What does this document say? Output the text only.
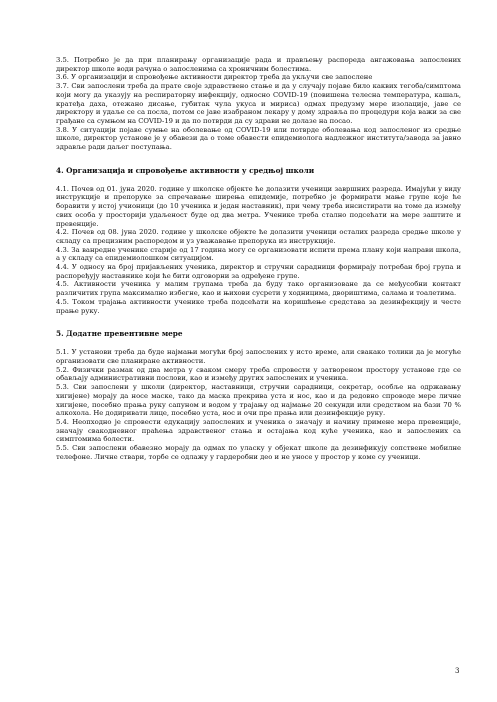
3.5. Потребно је да при планирању организације рада и прављењу распореда ангажовања запослених директор школе води рачуна о запосленима са хроничним болестима.

3.6. У организацији и спровођење активности директор треба да укључи све запослене

3.7. Сви запослени треба да прате своје здравствено стање и да у случају појаве било каквих тегоба/симптома који могу да указују на респираторну инфекцију, односно COVID-19 (повишена телесна температура, кашаљ, кратеђа даха, отежано дисање, губитак чула укуса и мириса) одмах предузму мере изолације, јаве се директору и удаље се са посла, потом се јаве изабраном лекару у дому здравља по процедури која важи за све грађане са сумњом на COVID-19 и да по потврди да су здрави не долазе на посао.

3.8. У ситуацији појаве сумње на оболевање од COVID-19 или потврде оболевања код запосленог из средње школе, директор установе је у обавези да о томе обавести епидемиолога надлежног института/завода за јавно здравље ради даљег поступања.

4. Организација и спровођење активности у средњој школи

4.1. Почев од 01. јуна 2020. године у школске објекте ће долазити ученици завршних разреда. Имајући у виду инструкције и препоруке за спречавање ширења епидемије, потребно је формирати мање групе које ће боравити у истој учионици (до 10 ученика и један наставник), при чему треба инсистирати на томе да између свих особа у просторији удаљеност буде од два метра. Ученике треба стално подсећати на мере заштите и превенције.

4.2. Почев од 08. јуна 2020. године у школске објекте ће долазити ученици осталих разреда средње школе у складу са прецизним распоредом и уз уважавање препорука из инструкције.

4.3. За ванредне ученике старије од 17 година могу се организовати испити према плану који направи школа, а у складу са епидемиолошком ситуацијом.

4.4. У односу на број пријављених ученика, директор и стручни сарадници формирају потребан број група и распоређују наставнике који ће бити одговорни за одређене групе.

4.5. Активности ученика у малим групама треба да буду тако организоване да се међусобни контакт различитих група максимално избегне, као и њихови сусрети у ходницима, двориштима, салама и тоалетима.

4.5. Током трајања активности ученике треба подсећати на коришћење средстава за дезинфекцију и честе прање руку.

5. Додатне превентивне мере

5.1. У установи треба да буде најмањи могући број запослених у исто време, али свакако толики да је могуће организовати све планиране активности.

5.2. Физички размак од два метра у сваком смеру треба спровести у затвореном простору установе где се обављају административни послови, као и између других запослених и ученика.

5.3. Сви запослени у школи (директор, наставници, стручни сарадници, секретар, особље на одржавању хигијене) морају да носе маске, тако да маска прекрива уста и нос, као и да редовно спроводе мере личне хигијене, посебно прања руку сапуном и водом у трајању од најмање 20 секунди или средством на бази 70 % алкохола. Не додиривати лице, посебно уста, нос и очи пре прања или дезинфекције руку.

5.4. Неопходно је спровести едукацију запослених и ученика о значају и начину примене мера превенције, значају свакодневног праћења здравственог стања и остајања код куће ученика, као и запослених са симптомима болести.

5.5. Сви запослени обавезно морају да одмах по уласку у објекат школе да дезинфикују сопствене мобилне телефоне. Личне ствари, торбе се одлажу у гардеробни део и не уносе у простор у коме су ученици.

3
